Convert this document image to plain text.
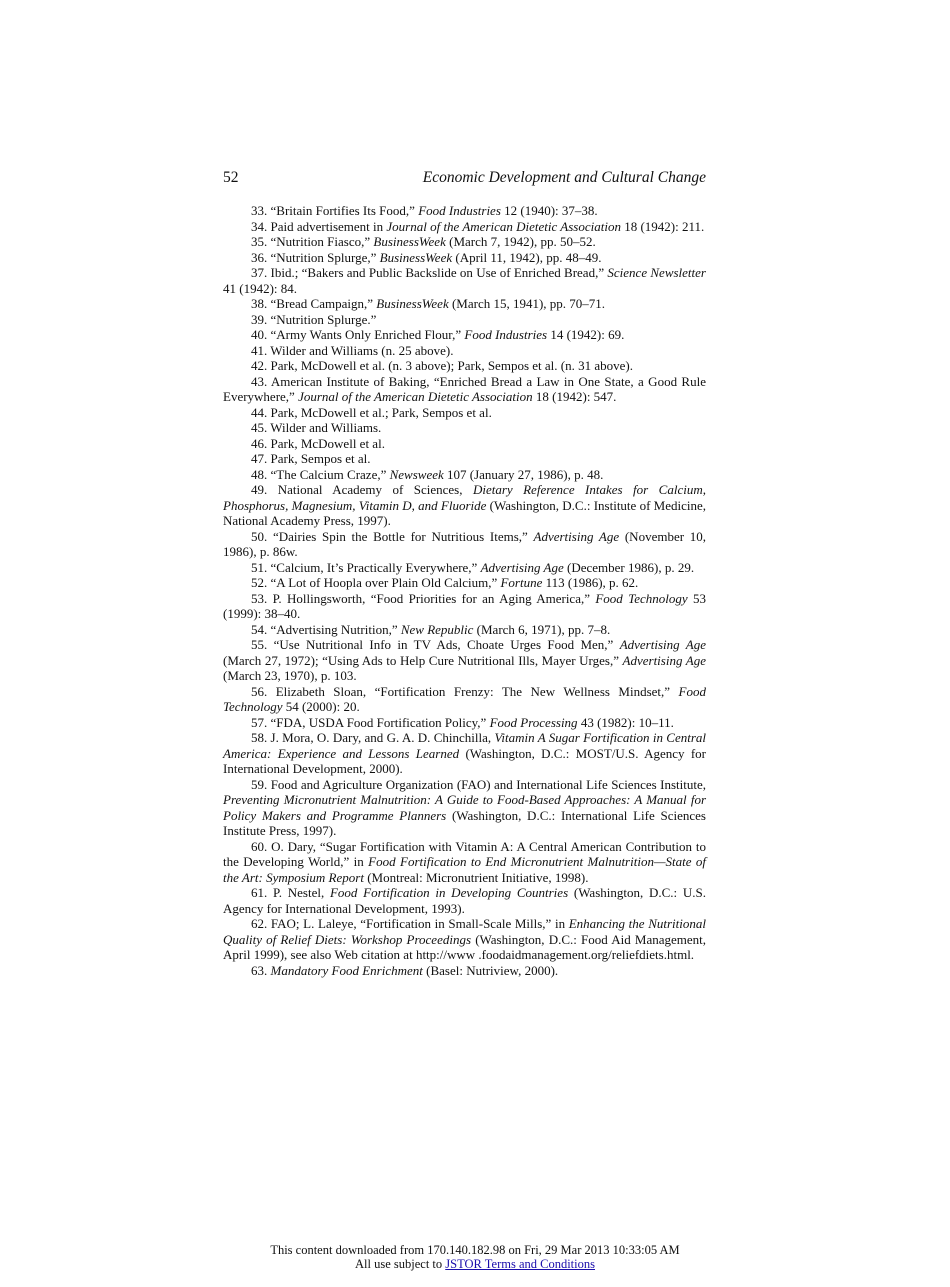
52	Economic Development and Cultural Change

33. “Britain Fortifies Its Food,” Food Industries 12 (1940): 37–38.

34. Paid advertisement in Journal of the American Dietetic Association 18 (1942): 211.

35. “Nutrition Fiasco,” BusinessWeek (March 7, 1942), pp. 50–52.

36. “Nutrition Splurge,” BusinessWeek (April 11, 1942), pp. 48–49.

37. Ibid.; “Bakers and Public Backslide on Use of Enriched Bread,” Science Newsletter 41 (1942): 84.

38. “Bread Campaign,” BusinessWeek (March 15, 1941), pp. 70–71.

39. “Nutrition Splurge.”

40. “Army Wants Only Enriched Flour,” Food Industries 14 (1942): 69.

41. Wilder and Williams (n. 25 above).

42. Park, McDowell et al. (n. 3 above); Park, Sempos et al. (n. 31 above).

43. American Institute of Baking, “Enriched Bread a Law in One State, a Good Rule Everywhere,” Journal of the American Dietetic Association 18 (1942): 547.

44. Park, McDowell et al.; Park, Sempos et al.

45. Wilder and Williams.

46. Park, McDowell et al.

47. Park, Sempos et al.

48. “The Calcium Craze,” Newsweek 107 (January 27, 1986), p. 48.

49. National Academy of Sciences, Dietary Reference Intakes for Calcium, Phosphorus, Magnesium, Vitamin D, and Fluoride (Washington, D.C.: Institute of Medicine, National Academy Press, 1997).

50. “Dairies Spin the Bottle for Nutritious Items,” Advertising Age (November 10, 1986), p. 86w.

51. “Calcium, It’s Practically Everywhere,” Advertising Age (December 1986), p. 29.

52. “A Lot of Hoopla over Plain Old Calcium,” Fortune 113 (1986), p. 62.

53. P. Hollingsworth, “Food Priorities for an Aging America,” Food Technology 53 (1999): 38–40.

54. “Advertising Nutrition,” New Republic (March 6, 1971), pp. 7–8.

55. “Use Nutritional Info in TV Ads, Choate Urges Food Men,” Advertising Age (March 27, 1972); “Using Ads to Help Cure Nutritional Ills, Mayer Urges,” Advertising Age (March 23, 1970), p. 103.

56. Elizabeth Sloan, “Fortification Frenzy: The New Wellness Mindset,” Food Technology 54 (2000): 20.

57. “FDA, USDA Food Fortification Policy,” Food Processing 43 (1982): 10–11.

58. J. Mora, O. Dary, and G. A. D. Chinchilla, Vitamin A Sugar Fortification in Central America: Experience and Lessons Learned (Washington, D.C.: MOST/U.S. Agency for International Development, 2000).

59. Food and Agriculture Organization (FAO) and International Life Sciences Institute, Preventing Micronutrient Malnutrition: A Guide to Food-Based Approaches: A Manual for Policy Makers and Programme Planners (Washington, D.C.: International Life Sciences Institute Press, 1997).

60. O. Dary, “Sugar Fortification with Vitamin A: A Central American Contribution to the Developing World,” in Food Fortification to End Micronutrient Malnutrition—State of the Art: Symposium Report (Montreal: Micronutrient Initiative, 1998).

61. P. Nestel, Food Fortification in Developing Countries (Washington, D.C.: U.S. Agency for International Development, 1993).

62. FAO; L. Laleye, “Fortification in Small-Scale Mills,” in Enhancing the Nutritional Quality of Relief Diets: Workshop Proceedings (Washington, D.C.: Food Aid Management, April 1999), see also Web citation at http://www .foodaidmanagement.org/reliefdiets.html.

63. Mandatory Food Enrichment (Basel: Nutriview, 2000).

This content downloaded from 170.140.182.98 on Fri, 29 Mar 2013 10:33:05 AM
All use subject to JSTOR Terms and Conditions
